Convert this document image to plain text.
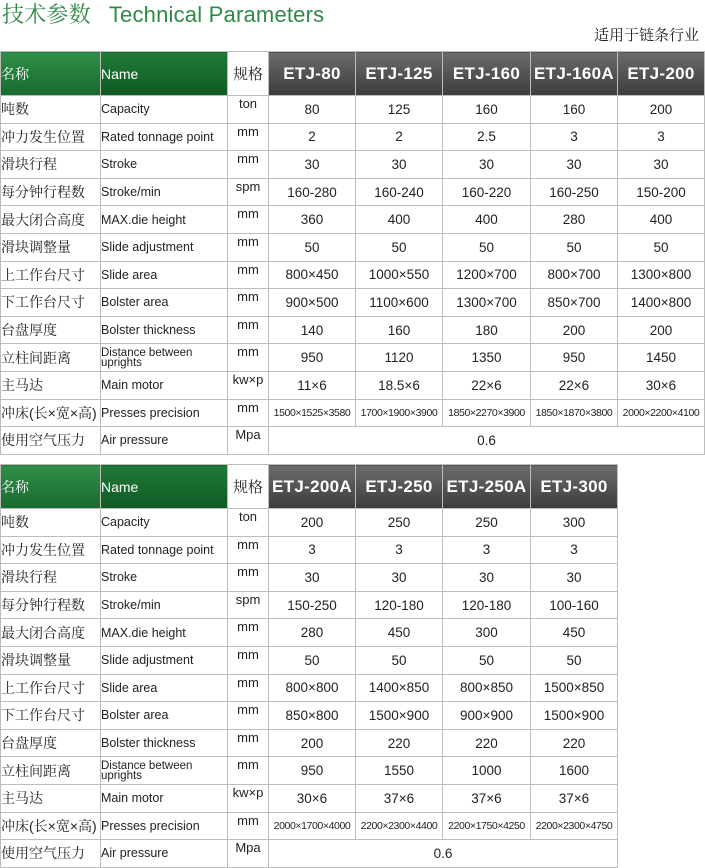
技术参数 Technical Parameters
适用于链条行业
名称	Name	规格	ETJ-80	ETJ-125	ETJ-160	ETJ-160A	ETJ-200
吨数	Capacity	ton	80	125	160	160	200
冲力发生位置	Rated tonnage point	mm	2	2	2.5	3	3
滑块行程	Stroke	mm	30	30	30	30	30
每分钟行程数	Stroke/min	spm	160-280	160-240	160-220	160-250	150-200
最大闭合高度	MAX.die height	mm	360	400	400	280	400
滑块调整量	Slide adjustment	mm	50	50	50	50	50
上工作台尺寸	Slide area	mm	800×450	1000×550	1200×700	800×700	1300×800
下工作台尺寸	Bolster area	mm	900×500	1100×600	1300×700	850×700	1400×800
台盘厚度	Bolster thickness	mm	140	160	180	200	200
立柱间距离	Distance between uprights	mm	950	1120	1350	950	1450
主马达	Main motor	kw×p	11×6	18.5×6	22×6	22×6	30×6
冲床(长×宽×高)	Presses precision	mm	1500×1525×3580	1700×1900×3900	1850×2270×3900	1850×1870×3800	2000×2200×4100
使用空气压力	Air pressure	Mpa	0.6				
名称	Name	规格	ETJ-200A	ETJ-250	ETJ-250A	ETJ-300
吨数	Capacity	ton	200	250	250	300
冲力发生位置	Rated tonnage point	mm	3	3	3	3
滑块行程	Stroke	mm	30	30	30	30
每分钟行程数	Stroke/min	spm	150-250	120-180	120-180	100-160
最大闭合高度	MAX.die height	mm	280	450	300	450
滑块调整量	Slide adjustment	mm	50	50	50	50
上工作台尺寸	Slide area	mm	800×800	1400×850	800×850	1500×850
下工作台尺寸	Bolster area	mm	850×800	1500×900	900×900	1500×900
台盘厚度	Bolster thickness	mm	200	220	220	220
立柱间距离	Distance between uprights	mm	950	1550	1000	1600
主马达	Main motor	kw×p	30×6	37×6	37×6	37×6
冲床(长×宽×高)	Presses precision	mm	2000×1700×4000	2200×2300×4400	2200×1750×4250	2200×2300×4750
使用空气压力	Air pressure	Mpa	0.6			
